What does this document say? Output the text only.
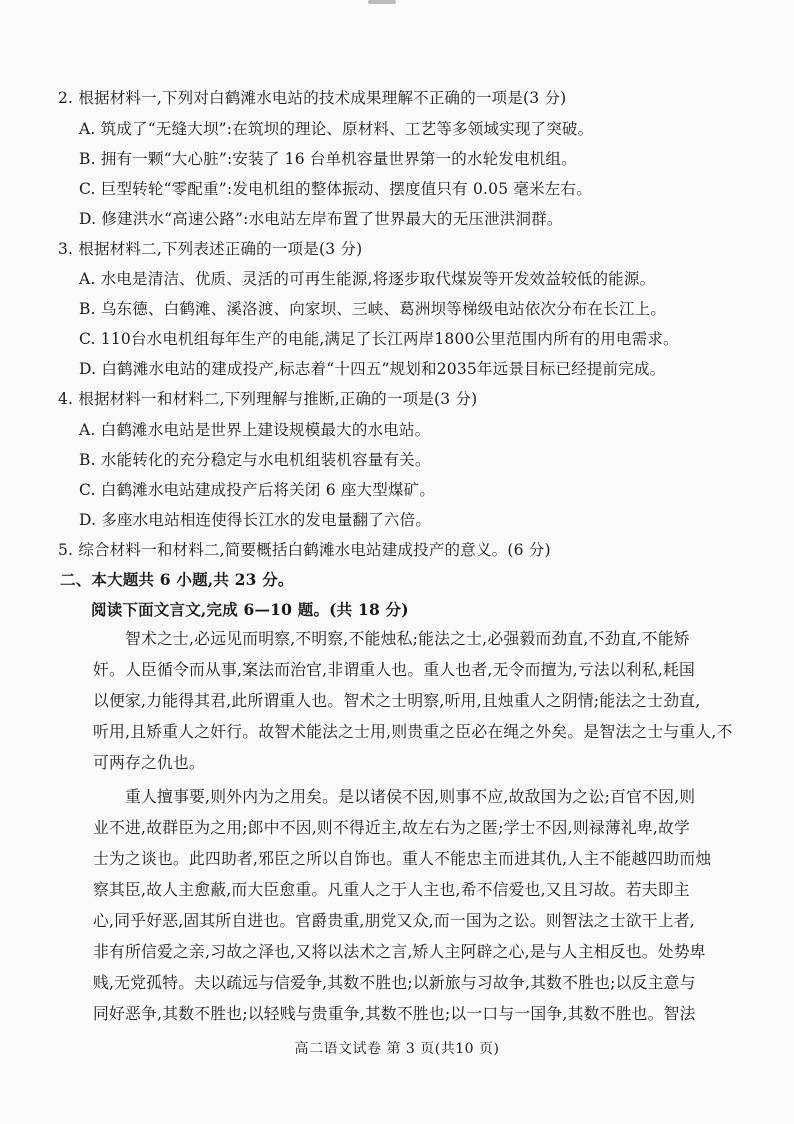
2. 根据材料一,下列对白鹤滩水电站的技术成果理解不正确的一项是(3 分)
A. 筑成了“无缝大坝”:在筑坝的理论、原材料、工艺等多领域实现了突破。
B. 拥有一颗“大心脏”:安装了 16 台单机容量世界第一的水轮发电机组。
C. 巨型转轮“零配重”:发电机组的整体振动、摆度值只有 0.05 毫米左右。
D. 修建洪水“高速公路”:水电站左岸布置了世界最大的无压泄洪洞群。
3. 根据材料二,下列表述正确的一项是(3 分)
A. 水电是清洁、优质、灵活的可再生能源,将逐步取代煤炭等开发效益较低的能源。
B. 乌东德、白鹤滩、溪洛渡、向家坝、三峡、葛洲坝等梯级电站依次分布在长江上。
C. 110台水电机组每年生产的电能,满足了长江两岸1800公里范围内所有的用电需求。
D. 白鹤滩水电站的建成投产,标志着“十四五”规划和2035年远景目标已经提前完成。
4. 根据材料一和材料二,下列理解与推断,正确的一项是(3 分)
A. 白鹤滩水电站是世界上建设规模最大的水电站。
B. 水能转化的充分稳定与水电机组装机容量有关。
C. 白鹤滩水电站建成投产后将关闭 6 座大型煤矿。
D. 多座水电站相连使得长江水的发电量翻了六倍。
5. 综合材料一和材料二,简要概括白鹤滩水电站建成投产的意义。(6 分)
二、本大题共 6 小题,共 23 分。
阅读下面文言文,完成 6—10 题。(共 18 分)
智术之士,必远见而明察,不明察,不能烛私;能法之士,必强毅而劲直,不劲直,不能矫
奸。人臣循令而从事,案法而治官,非谓重人也。重人也者,无令而擅为,亏法以利私,耗国
以便家,力能得其君,此所谓重人也。智术之士明察,听用,且烛重人之阴情;能法之士劲直,
听用,且矫重人之奸行。故智术能法之士用,则贵重之臣必在绳之外矣。是智法之士与重人,不
可两存之仇也。
重人擅事要,则外内为之用矣。是以诸侯不因,则事不应,故敌国为之讼;百官不因,则
业不进,故群臣为之用;郎中不因,则不得近主,故左右为之匿;学士不因,则禄薄礼卑,故学
士为之谈也。此四助者,邪臣之所以自饰也。重人不能忠主而进其仇,人主不能越四助而烛
察其臣,故人主愈蔽,而大臣愈重。凡重人之于人主也,希不信爱也,又且习故。若夫即主
心,同乎好恶,固其所自进也。官爵贵重,朋党又众,而一国为之讼。则智法之士欲干上者,
非有所信爱之亲,习故之泽也,又将以法术之言,矫人主阿辟之心,是与人主相反也。处势卑
贱,无党孤特。夫以疏远与信爱争,其数不胜也;以新旅与习故争,其数不胜也;以反主意与
同好恶争,其数不胜也;以轻贱与贵重争,其数不胜也;以一口与一国争,其数不胜也。智法
高二语文试卷 第 3 页(共10 页)
